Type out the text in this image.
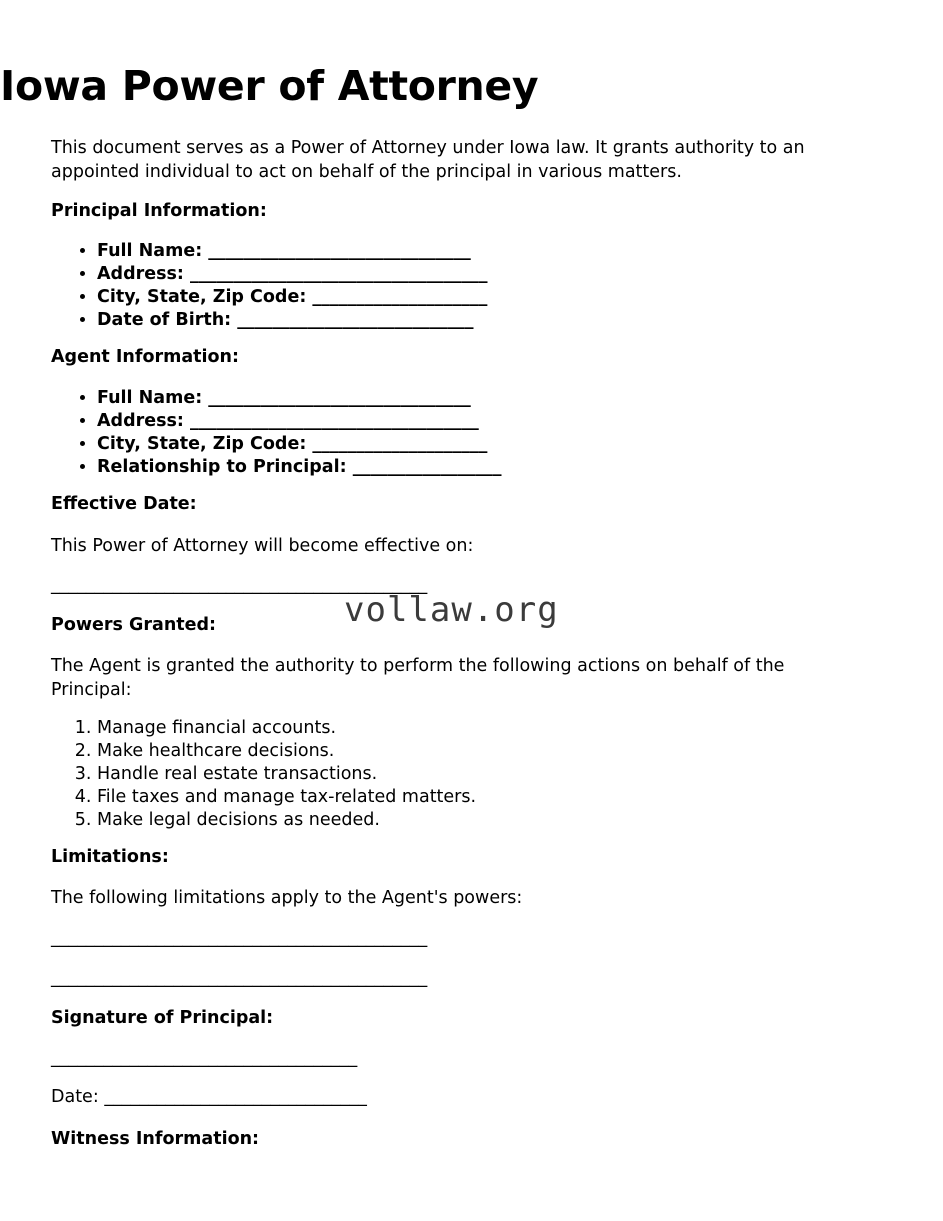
Iowa Power of Attorney

This document serves as a Power of Attorney under Iowa law. It grants authority to an appointed individual to act on behalf of the principal in various matters.

Principal Information:
• Full Name: ______________________________
• Address: __________________________________
• City, State, Zip Code: ____________________
• Date of Birth: ___________________________
Agent Information:
• Full Name: ______________________________
• Address: _________________________________
• City, State, Zip Code: ____________________
• Relationship to Principal: _________________
Effective Date:

This Power of Attorney will become effective on:

___________________________________________
vollaw.org
Powers Granted:

The Agent is granted the authority to perform the following actions on behalf of the Principal:

1. Manage financial accounts.
2. Make healthcare decisions.
3. Handle real estate transactions.
4. File taxes and manage tax-related matters.
5. Make legal decisions as needed.
Limitations:

The following limitations apply to the Agent's powers:

___________________________________________
___________________________________________
Signature of Principal:
___________________________________
Date: ______________________________
Witness Information:
